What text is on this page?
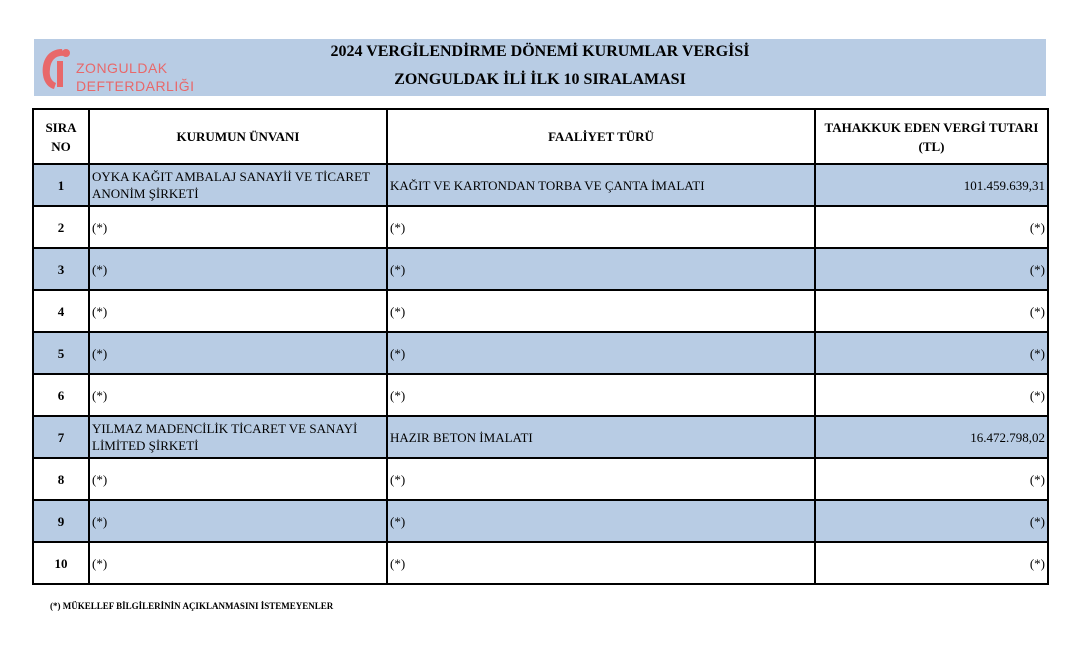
ZONGULDAK
DEFTERDARLIĞI
2024 VERGİLENDİRME DÖNEMİ KURUMLAR VERGİSİ
ZONGULDAK İLİ İLK 10 SIRALAMASI
SIRA NO	KURUMUN ÜNVANI	FAALİYET TÜRÜ	TAHAKKUK EDEN VERGİ TUTARI (TL)
1	OYKA KAĞIT AMBALAJ SANAYİİ VE TİCARET ANONİM ŞİRKETİ	KAĞIT VE KARTONDAN TORBA VE ÇANTA İMALATI	101.459.639,31
2	(*)	(*)	(*)
3	(*)	(*)	(*)
4	(*)	(*)	(*)
5	(*)	(*)	(*)
6	(*)	(*)	(*)
7	YILMAZ MADENCİLİK TİCARET VE SANAYİ LİMİTED ŞİRKETİ	HAZIR BETON İMALATI	16.472.798,02
8	(*)	(*)	(*)
9	(*)	(*)	(*)
10	(*)	(*)	(*)
(*) MÜKELLEF BİLGİLERİNİN AÇIKLANMASINI İSTEMEYENLER
